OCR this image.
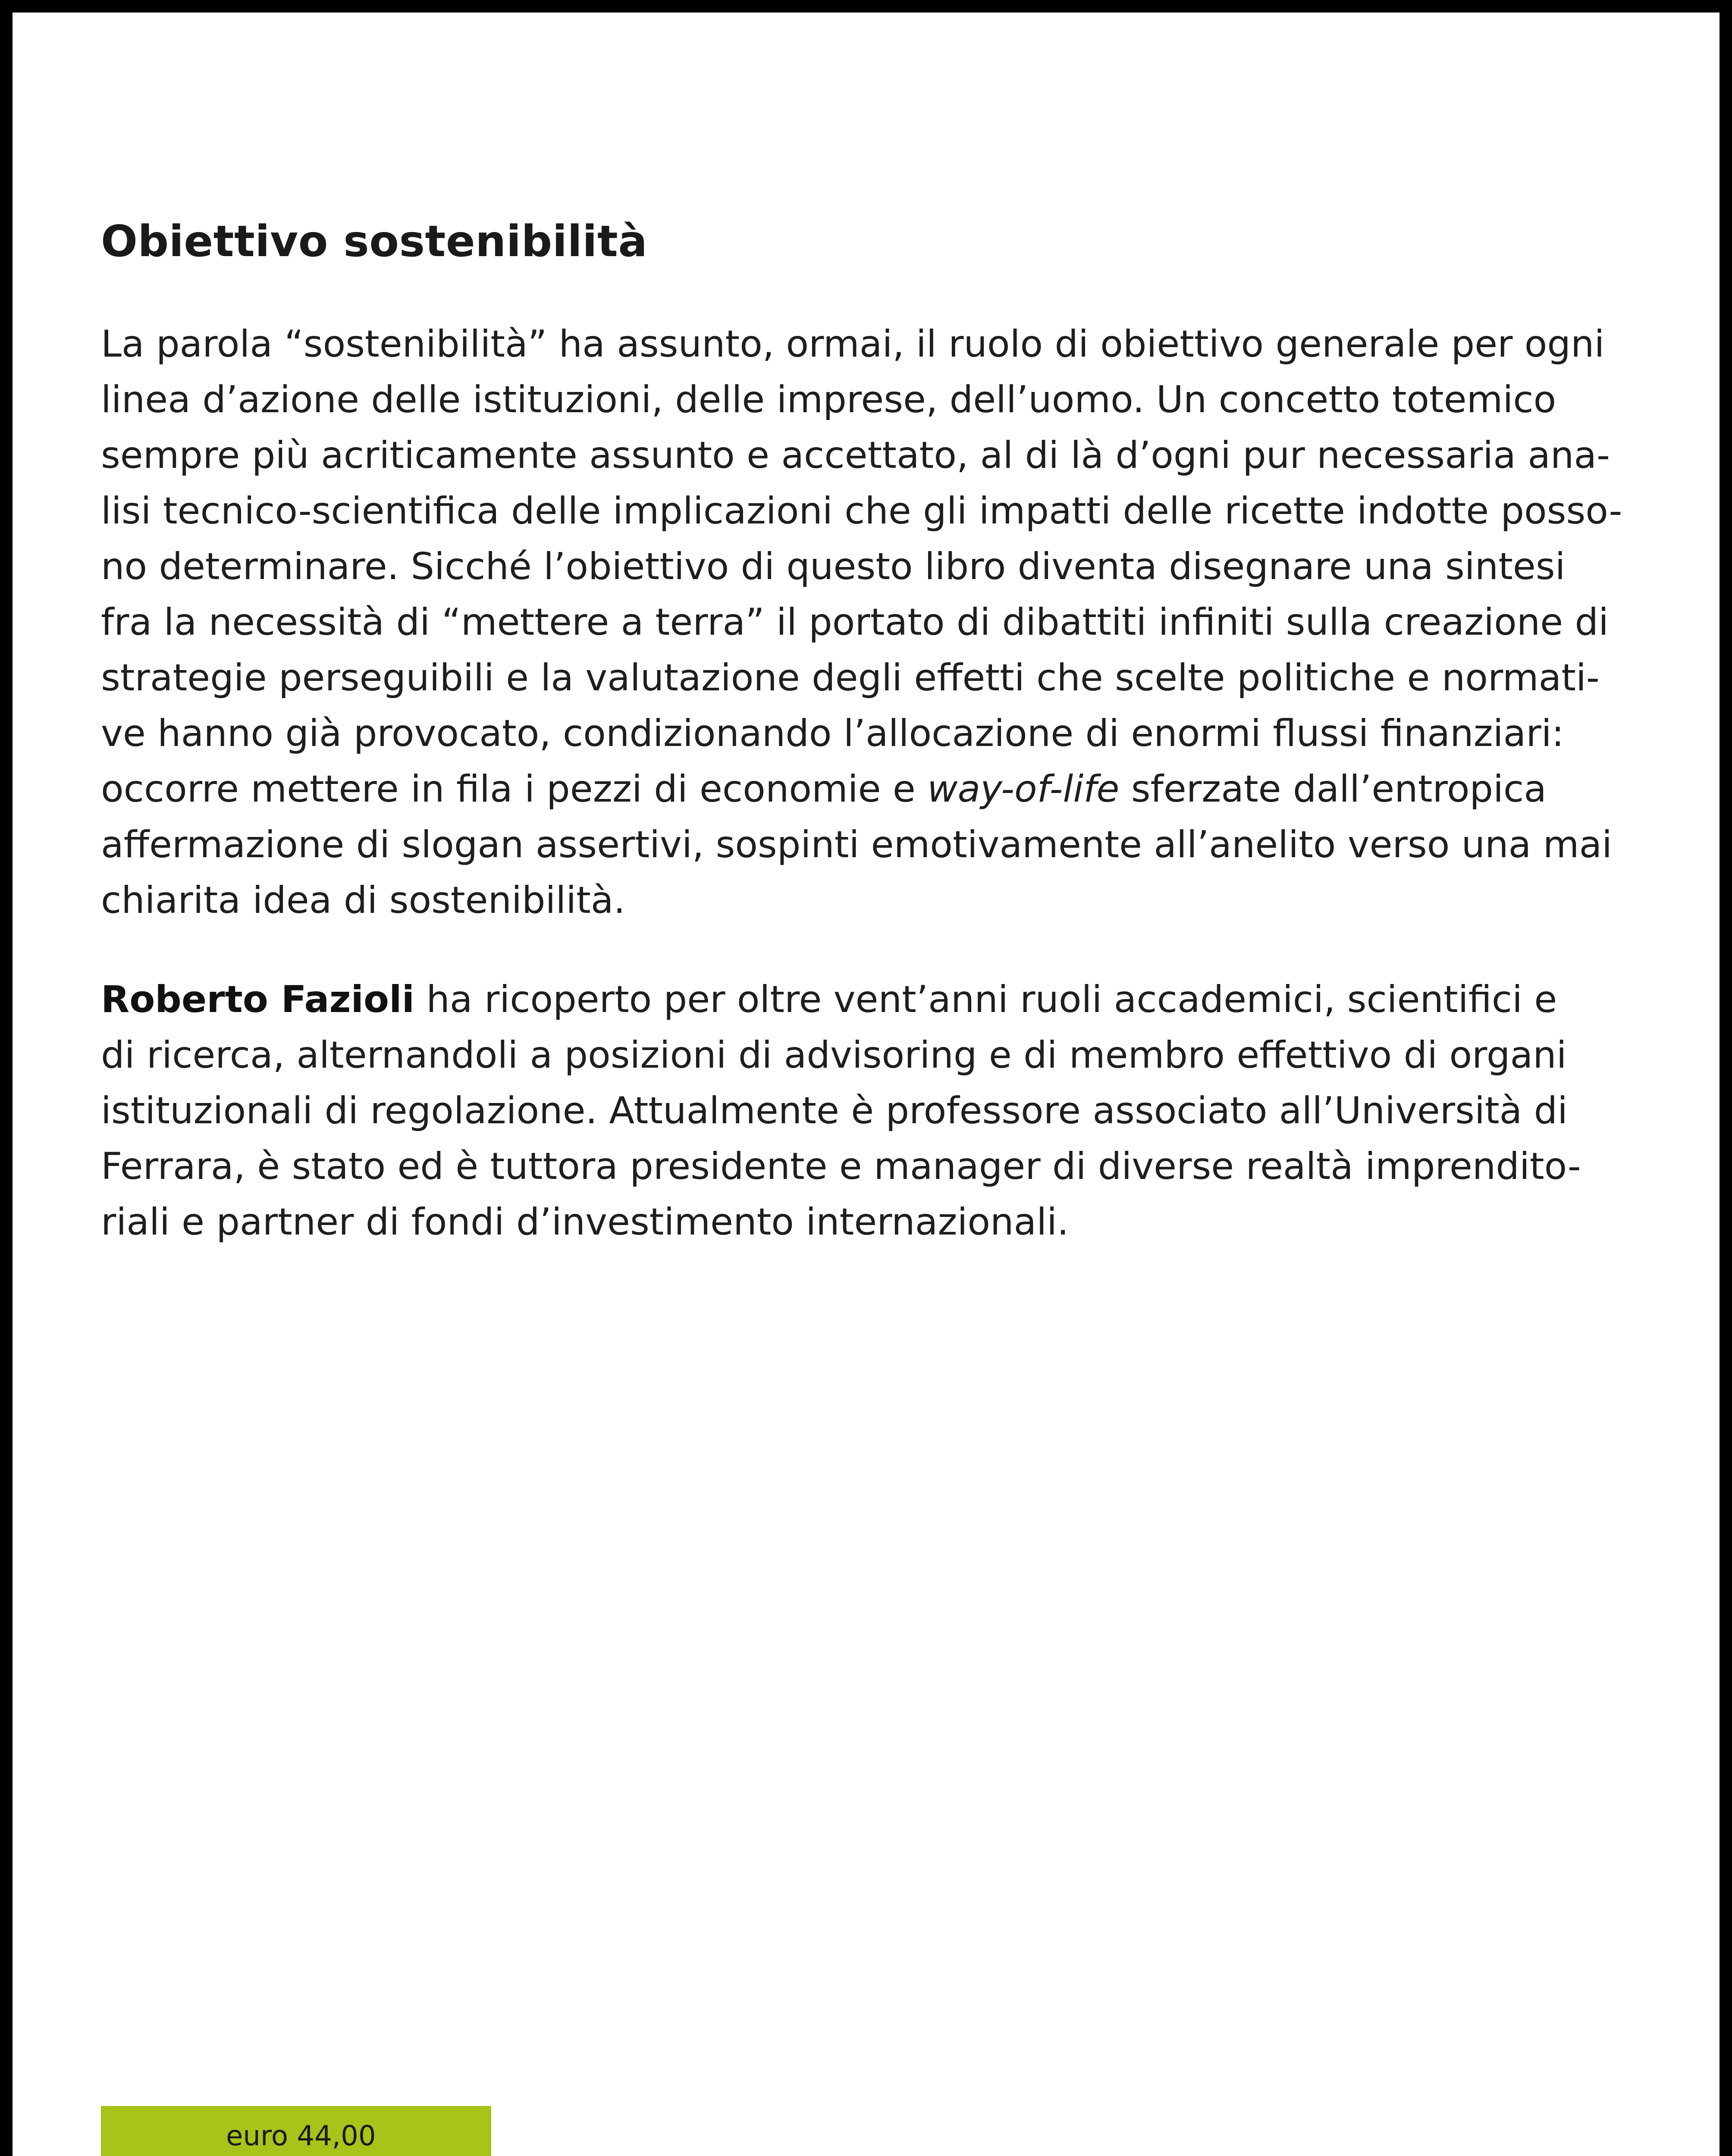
Obiettivo sostenibilità
La parola “sostenibilità” ha assunto, ormai, il ruolo di obiettivo generale per ogni
linea d’azione delle istituzioni, delle imprese, dell’uomo. Un concetto totemico
sempre più acriticamente assunto e accettato, al di là d’ogni pur necessaria ana-
lisi tecnico-scientifica delle implicazioni che gli impatti delle ricette indotte posso-
no determinare. Sicché l’obiettivo di questo libro diventa disegnare una sintesi
fra la necessità di “mettere a terra” il portato di dibattiti infiniti sulla creazione di
strategie perseguibili e la valutazione degli effetti che scelte politiche e normati-
ve hanno già provocato, condizionando l’allocazione di enormi flussi finanziari:
occorre mettere in fila i pezzi di economie e way-of-life sferzate dall’entropica
affermazione di slogan assertivi, sospinti emotivamente all’anelito verso una mai
chiarita idea di sostenibilità.
Roberto Fazioli ha ricoperto per oltre vent’anni ruoli accademici, scientifici e
di ricerca, alternandoli a posizioni di advisoring e di membro effettivo di organi
istituzionali di regolazione. Attualmente è professore associato all’Università di
Ferrara, è stato ed è tuttora presidente e manager di diverse realtà imprendito-
riali e partner di fondi d’investimento internazionali.
euro 44,00
